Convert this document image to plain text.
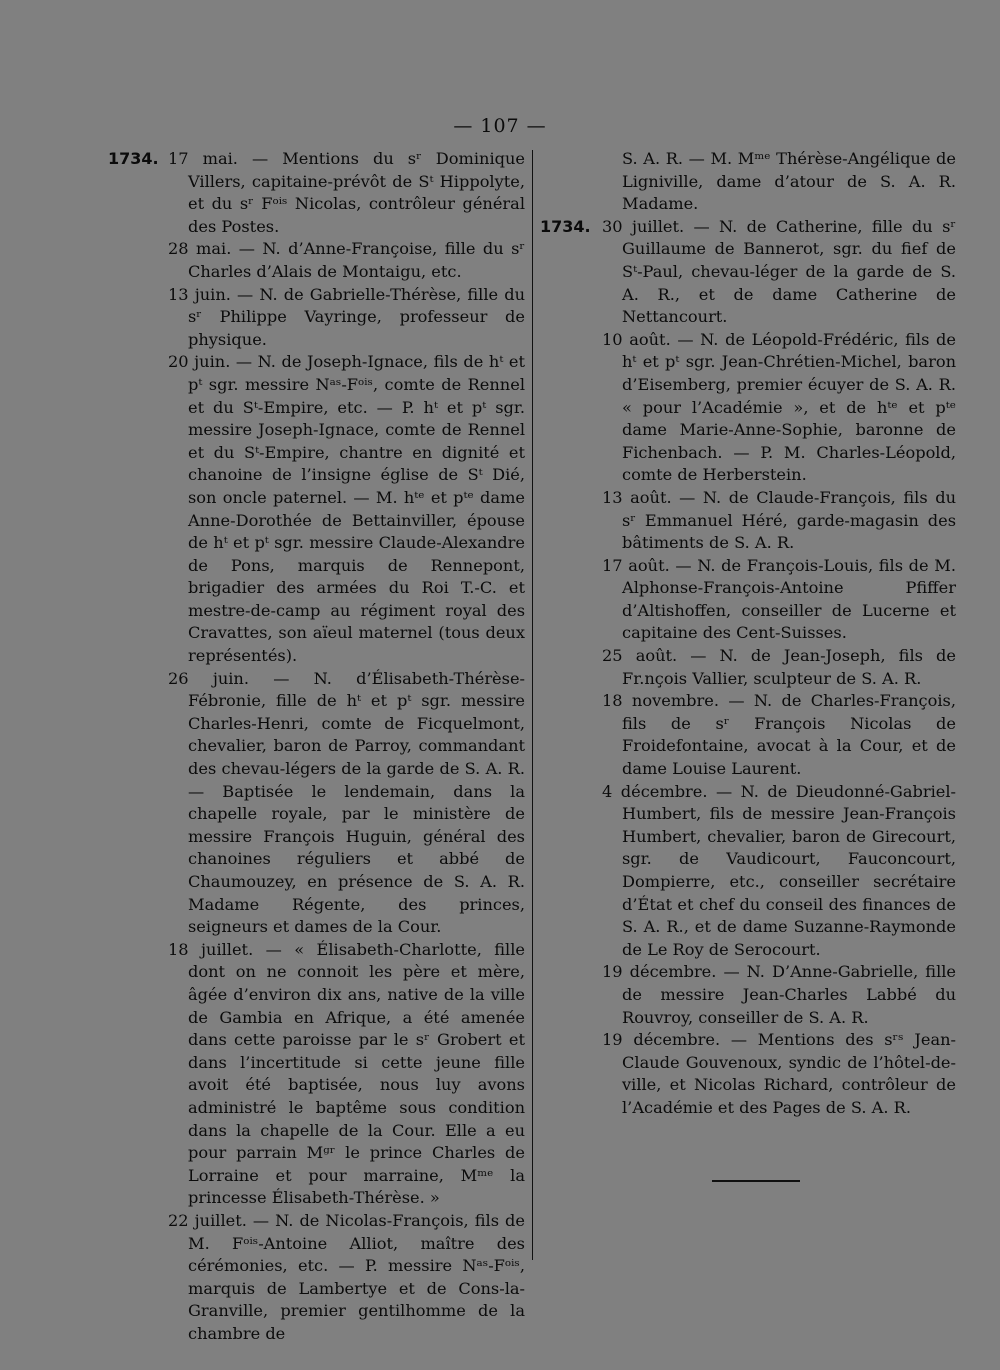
— 107 —

1734. 17 mai. — Mentions du sʳ Dominique Villers, capitaine-prévôt de Sᵗ Hippolyte, et du sʳ Fᵒⁱˢ Nicolas, contrôleur général des Postes.

28 mai. — N. d’Anne-Françoise, fille du sʳ Charles d’Alais de Montaigu, etc.

13 juin. — N. de Gabrielle-Thérèse, fille du sʳ Philippe Vayringe, professeur de physique.

20 juin. — N. de Joseph-Ignace, fils de hᵗ et pᵗ sgr. messire Nᵃˢ-Fᵒⁱˢ, comte de Rennel et du Sᵗ-Empire, etc. — P. hᵗ et pᵗ sgr. messire Joseph-Ignace, comte de Rennel et du Sᵗ-Empire, chantre en dignité et chanoine de l’insigne église de Sᵗ Dié, son oncle paternel. — M. hᵗᵉ et pᵗᵉ dame Anne-Dorothée de Bettainviller, épouse de hᵗ et pᵗ sgr. messire Claude-Alexandre de Pons, marquis de Rennepont, brigadier des armées du Roi T.-C. et mestre-de-camp au régiment royal des Cravattes, son aïeul maternel (tous deux représentés).

26 juin. — N. d’Élisabeth-Thérèse-Fébronie, fille de hᵗ et pᵗ sgr. messire Charles-Henri, comte de Ficquelmont, chevalier, baron de Parroy, commandant des chevau-légers de la garde de S. A. R. — Baptisée le lendemain, dans la chapelle royale, par le ministère de messire François Huguin, général des chanoines réguliers et abbé de Chaumouzey, en présence de S. A. R. Madame Régente, des princes, seigneurs et dames de la Cour.

18 juillet. — « Élisabeth-Charlotte, fille dont on ne connoit les père et mère, âgée d’environ dix ans, native de la ville de Gambia en Afrique, a été amenée dans cette paroisse par le sʳ Grobert et dans l’incertitude si cette jeune fille avoit été baptisée, nous luy avons administré le baptême sous condition dans la chapelle de la Cour. Elle a eu pour parrain Mᵍʳ le prince Charles de Lorraine et pour marraine, Mᵐᵉ la princesse Élisabeth-Thérèse. »

22 juillet. — N. de Nicolas-François, fils de M. Fᵒⁱˢ-Antoine Alliot, maître des cérémonies, etc. — P. messire Nᵃˢ-Fᵒⁱˢ, marquis de Lambertye et de Cons-la-Granville, premier gentilhomme de la chambre de

S. A. R. — M. Mᵐᵉ Thérèse-Angélique de Ligniville, dame d’atour de S. A. R. Madame.

1734. 30 juillet. — N. de Catherine, fille du sʳ Guillaume de Bannerot, sgr. du fief de Sᵗ-Paul, chevau-léger de la garde de S. A. R., et de dame Catherine de Nettancourt.

10 août. — N. de Léopold-Frédéric, fils de hᵗ et pᵗ sgr. Jean-Chrétien-Michel, baron d’Eisemberg, premier écuyer de S. A. R. « pour l’Académie », et de hᵗᵉ et pᵗᵉ dame Marie-Anne-Sophie, baronne de Fichenbach. — P. M. Charles-Léopold, comte de Herberstein.

13 août. — N. de Claude-François, fils du sʳ Emmanuel Héré, garde-magasin des bâtiments de S. A. R.

17 août. — N. de François-Louis, fils de M. Alphonse-François-Antoine Pfiffer d’Altishoffen, conseiller de Lucerne et capitaine des Cent-Suisses.

25 août. — N. de Jean-Joseph, fils de Fr.nçois Vallier, sculpteur de S. A. R.

18 novembre. — N. de Charles-François, fils de sʳ François Nicolas de Froidefontaine, avocat à la Cour, et de dame Louise Laurent.

4 décembre. — N. de Dieudonné-Gabriel-Humbert, fils de messire Jean-François Humbert, chevalier, baron de Girecourt, sgr. de Vaudicourt, Fauconcourt, Dompierre, etc., conseiller secrétaire d’État et chef du conseil des finances de S. A. R., et de dame Suzanne-Raymonde de Le Roy de Serocourt.

19 décembre. — N. D’Anne-Gabrielle, fille de messire Jean-Charles Labbé du Rouvroy, conseiller de S. A. R.

19 décembre. — Mentions des sʳˢ Jean-Claude Gouvenoux, syndic de l’hôtel-de-ville, et Nicolas Richard, contrôleur de l’Académie et des Pages de S. A. R.
